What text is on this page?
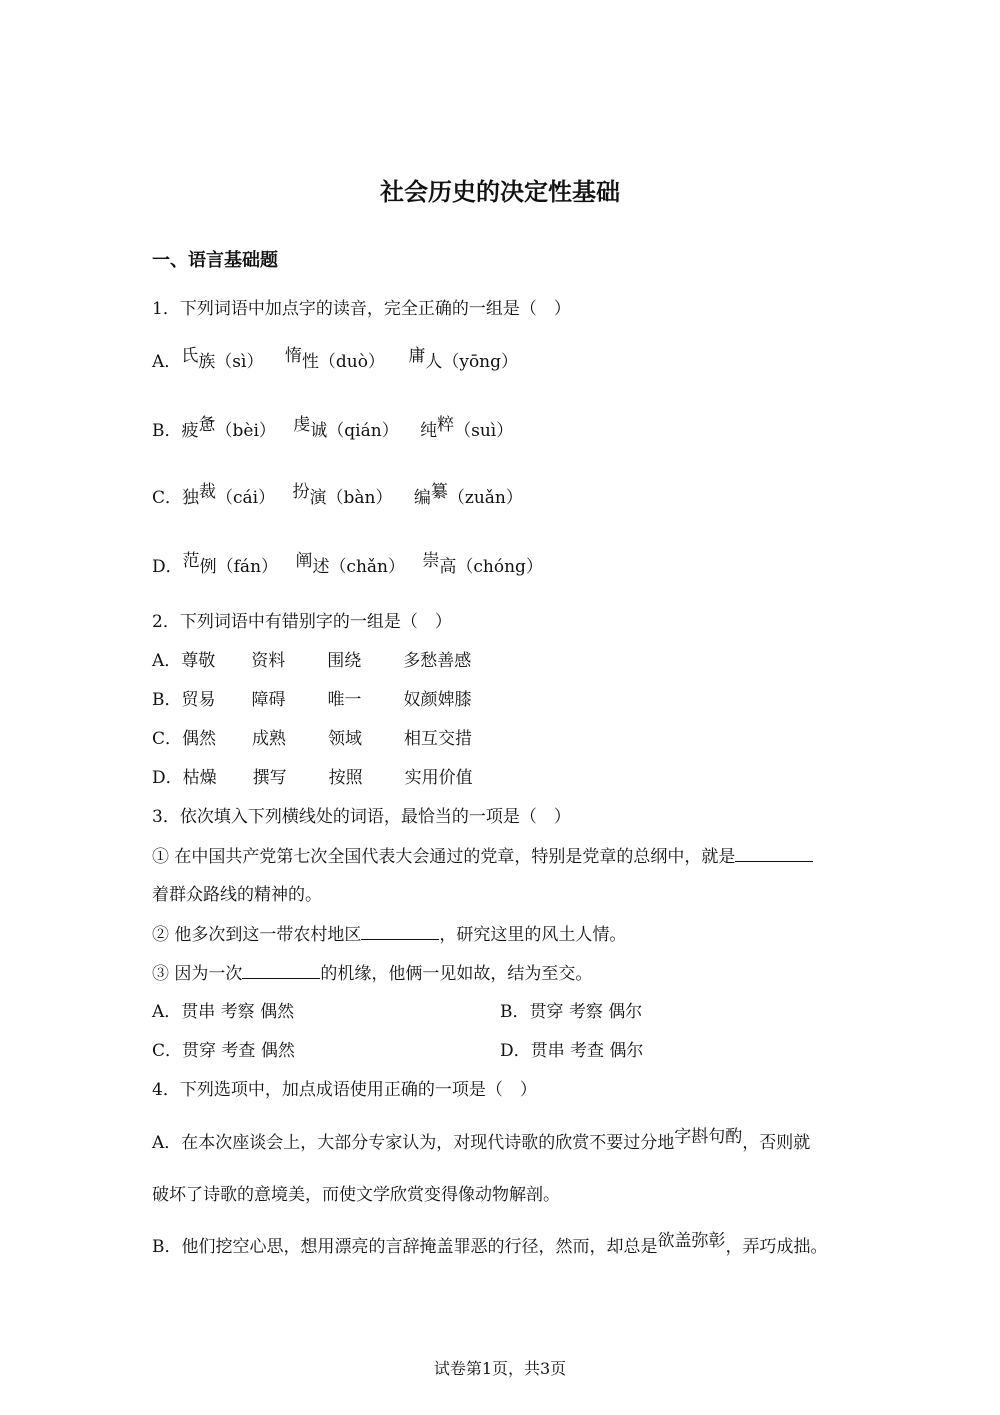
社会历史的决定性基础
一、语言基础题
1．下列词语中加点字的读音，完全正确的一组是（　）
A．氏族（sì） 惰性（duò） 庸人（yōng）
B．疲惫（bèi） 虔诚（qián） 纯粹（suì）
C．独裁（cái） 扮演（bàn） 编纂（zuǎn）
D．范例（fán） 阐述（chǎn） 崇高（chóng）
2．下列词语中有错别字的一组是（　）
A．尊敬 资料 围绕 多愁善感
B．贸易 障碍 唯一 奴颜婢膝
C．偶然 成熟 领域 相互交措
D．枯燥 撰写 按照 实用价值
3．依次填入下列横线处的词语，最恰当的一项是（　）
① 在中国共产党第七次全国代表大会通过的党章，特别是党章的总纲中，就是
着群众路线的精神的。
② 他多次到这一带农村地区	，研究这里的风土人情。
③ 因为一次	的机缘，他俩一见如故，结为至交。
A．贯串 考察 偶然	B．贯穿 考察 偶尔
C．贯穿 考查 偶然	D．贯串 考查 偶尔
4．下列选项中，加点成语使用正确的一项是（　）
A．在本次座谈会上，大部分专家认为，对现代诗歌的欣赏不要过分地字斟句酌，否则就
破坏了诗歌的意境美，而使文学欣赏变得像动物解剖。
B．他们挖空心思，想用漂亮的言辞掩盖罪恶的行径，然而，却总是欲盖弥彰，弄巧成拙。
试卷第1页，共3页
